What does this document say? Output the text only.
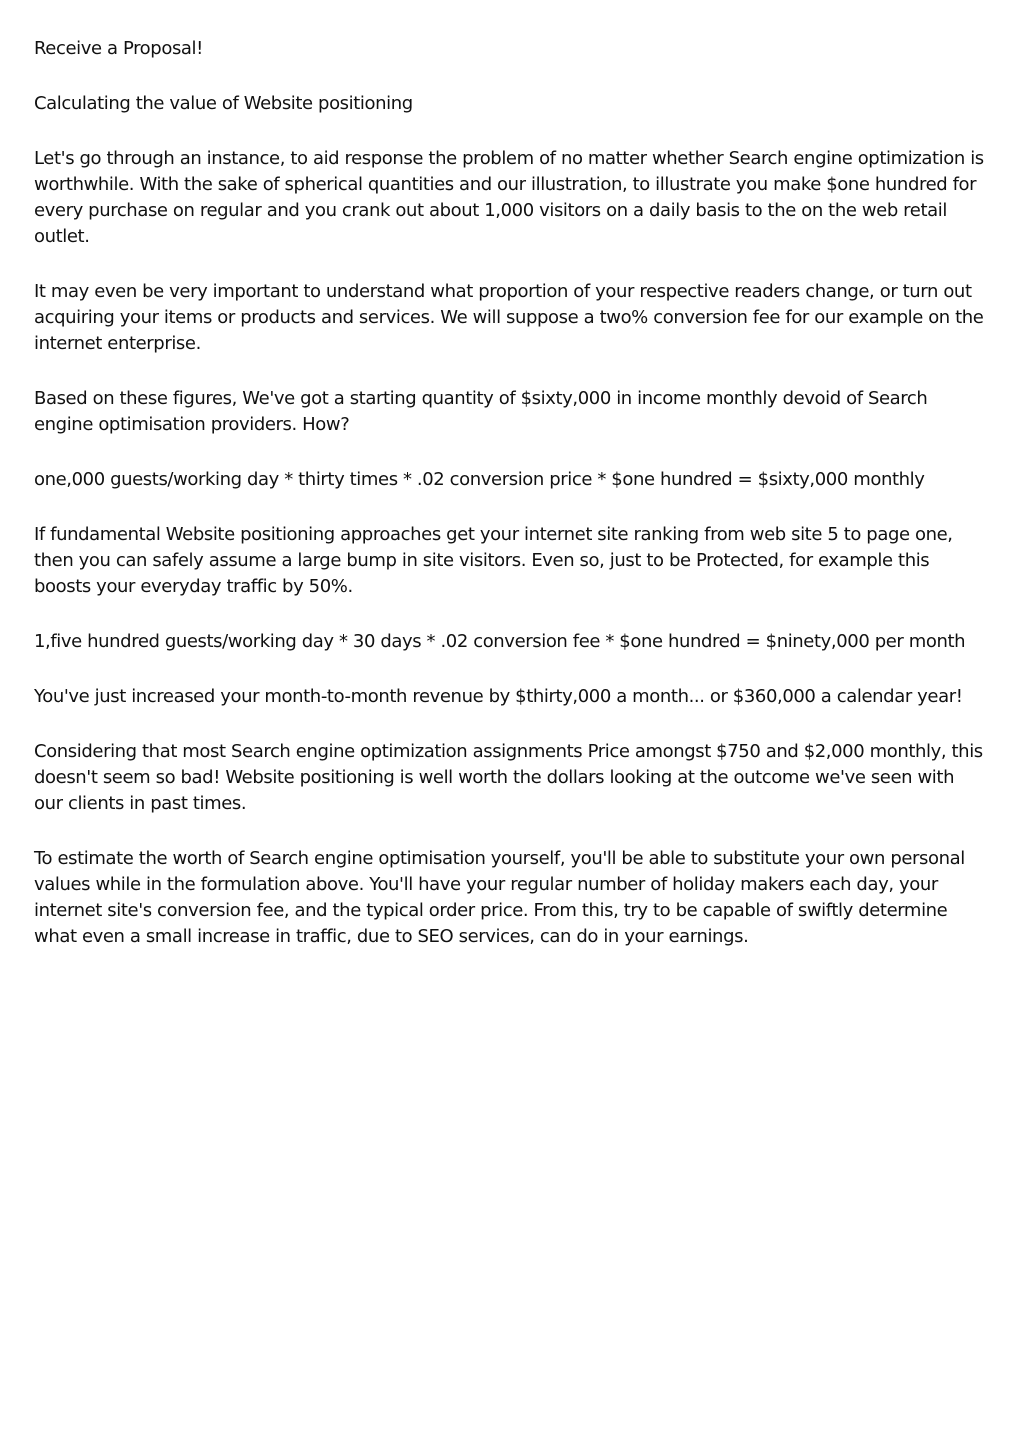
Receive a Proposal!

Calculating the value of Website positioning

Let's go through an instance, to aid response the problem of no matter whether Search engine optimization is worthwhile. With the sake of spherical quantities and our illustration, to illustrate you make $one hundred for every purchase on regular and you crank out about 1,000 visitors on a daily basis to the on the web retail outlet.

It may even be very important to understand what proportion of your respective readers change, or turn out acquiring your items or products and services. We will suppose a two% conversion fee for our example on the internet enterprise.

Based on these figures, We've got a starting quantity of $sixty,000 in income monthly devoid of Search engine optimisation providers. How?

one,000 guests/working day * thirty times * .02 conversion price * $one hundred = $sixty,000 monthly

If fundamental Website positioning approaches get your internet site ranking from web site 5 to page one, then you can safely assume a large bump in site visitors. Even so, just to be Protected, for example this boosts your everyday traffic by 50%.

1,five hundred guests/working day * 30 days * .02 conversion fee * $one hundred = $ninety,000 per month

You've just increased your month-to-month revenue by $thirty,000 a month... or $360,000 a calendar year!

Considering that most Search engine optimization assignments Price amongst $750 and $2,000 monthly, this doesn't seem so bad! Website positioning is well worth the dollars looking at the outcome we've seen with our clients in past times.

To estimate the worth of Search engine optimisation yourself, you'll be able to substitute your own personal values while in the formulation above. You'll have your regular number of holiday makers each day, your internet site's conversion fee, and the typical order price. From this, try to be capable of swiftly determine what even a small increase in traffic, due to SEO services, can do in your earnings.
